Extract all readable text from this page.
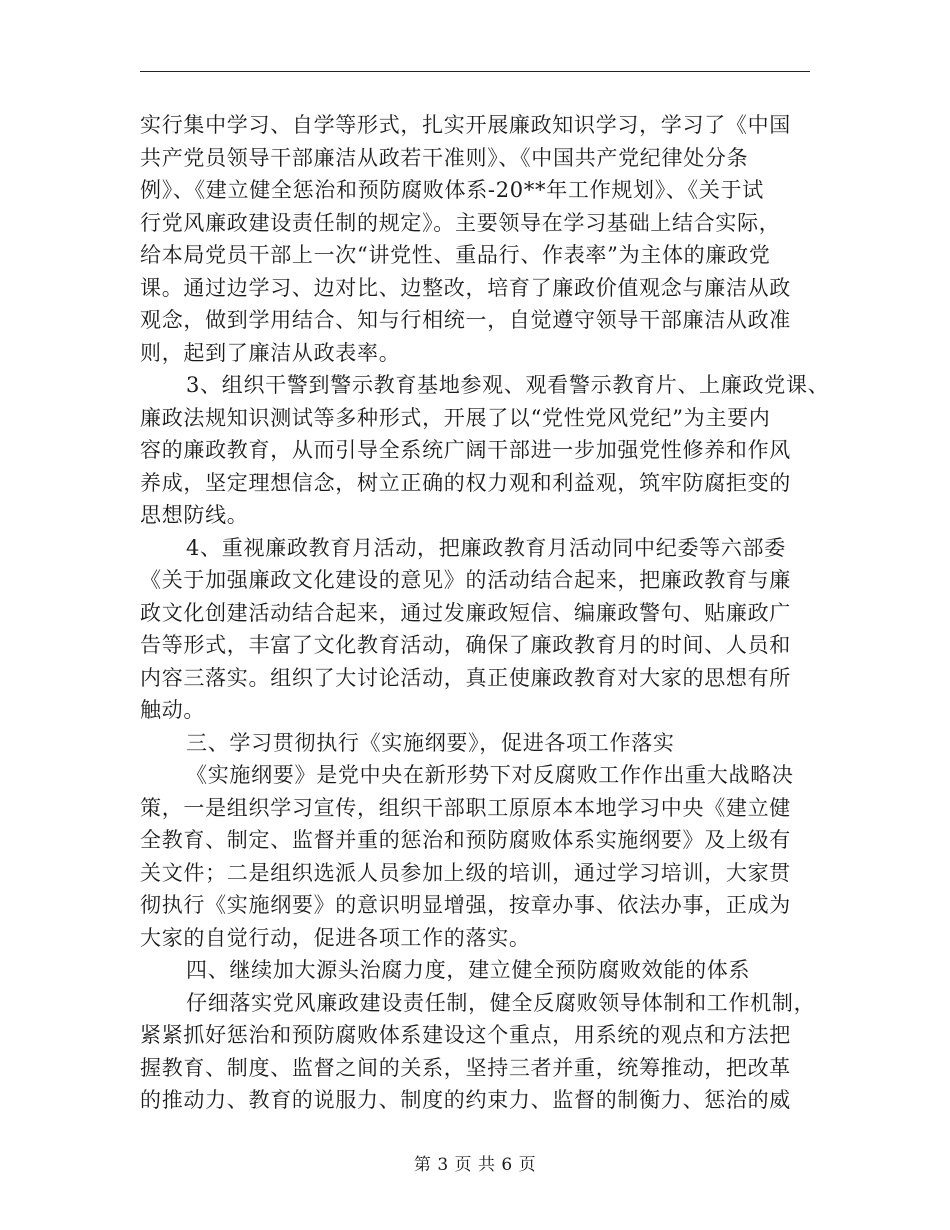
实行集中学习、自学等形式，扎实开展廉政知识学习，学习了《中国
共产党员领导干部廉洁从政若干准则》、《中国共产党纪律处分条
例》、《建立健全惩治和预防腐败体系-20**年工作规划》、《关于试
行党风廉政建设责任制的规定》。主要领导在学习基础上结合实际，
给本局党员干部上一次“讲党性、重品行、作表率”为主体的廉政党
课。通过边学习、边对比、边整改，培育了廉政价值观念与廉洁从政
观念，做到学用结合、知与行相统一，自觉遵守领导干部廉洁从政准
则，起到了廉洁从政表率。
3、组织干警到警示教育基地参观、观看警示教育片、上廉政党课、
廉政法规知识测试等多种形式，开展了以“党性党风党纪”为主要内
容的廉政教育，从而引导全系统广阔干部进一步加强党性修养和作风
养成，坚定理想信念，树立正确的权力观和利益观，筑牢防腐拒变的
思想防线。
4、重视廉政教育月活动，把廉政教育月活动同中纪委等六部委
《关于加强廉政文化建设的意见》的活动结合起来，把廉政教育与廉
政文化创建活动结合起来，通过发廉政短信、编廉政警句、贴廉政广
告等形式，丰富了文化教育活动，确保了廉政教育月的时间、人员和
内容三落实。组织了大讨论活动，真正使廉政教育对大家的思想有所
触动。
三、学习贯彻执行《实施纲要》，促进各项工作落实
《实施纲要》是党中央在新形势下对反腐败工作作出重大战略决
策，一是组织学习宣传，组织干部职工原原本本地学习中央《建立健
全教育、制定、监督并重的惩治和预防腐败体系实施纲要》及上级有
关文件；二是组织选派人员参加上级的培训，通过学习培训，大家贯
彻执行《实施纲要》的意识明显增强，按章办事、依法办事，正成为
大家的自觉行动，促进各项工作的落实。
四、继续加大源头治腐力度，建立健全预防腐败效能的体系
仔细落实党风廉政建设责任制，健全反腐败领导体制和工作机制，
紧紧抓好惩治和预防腐败体系建设这个重点，用系统的观点和方法把
握教育、制度、监督之间的关系，坚持三者并重，统筹推动，把改革
的推动力、教育的说服力、制度的约束力、监督的制衡力、惩治的威
第 3 页 共 6 页
